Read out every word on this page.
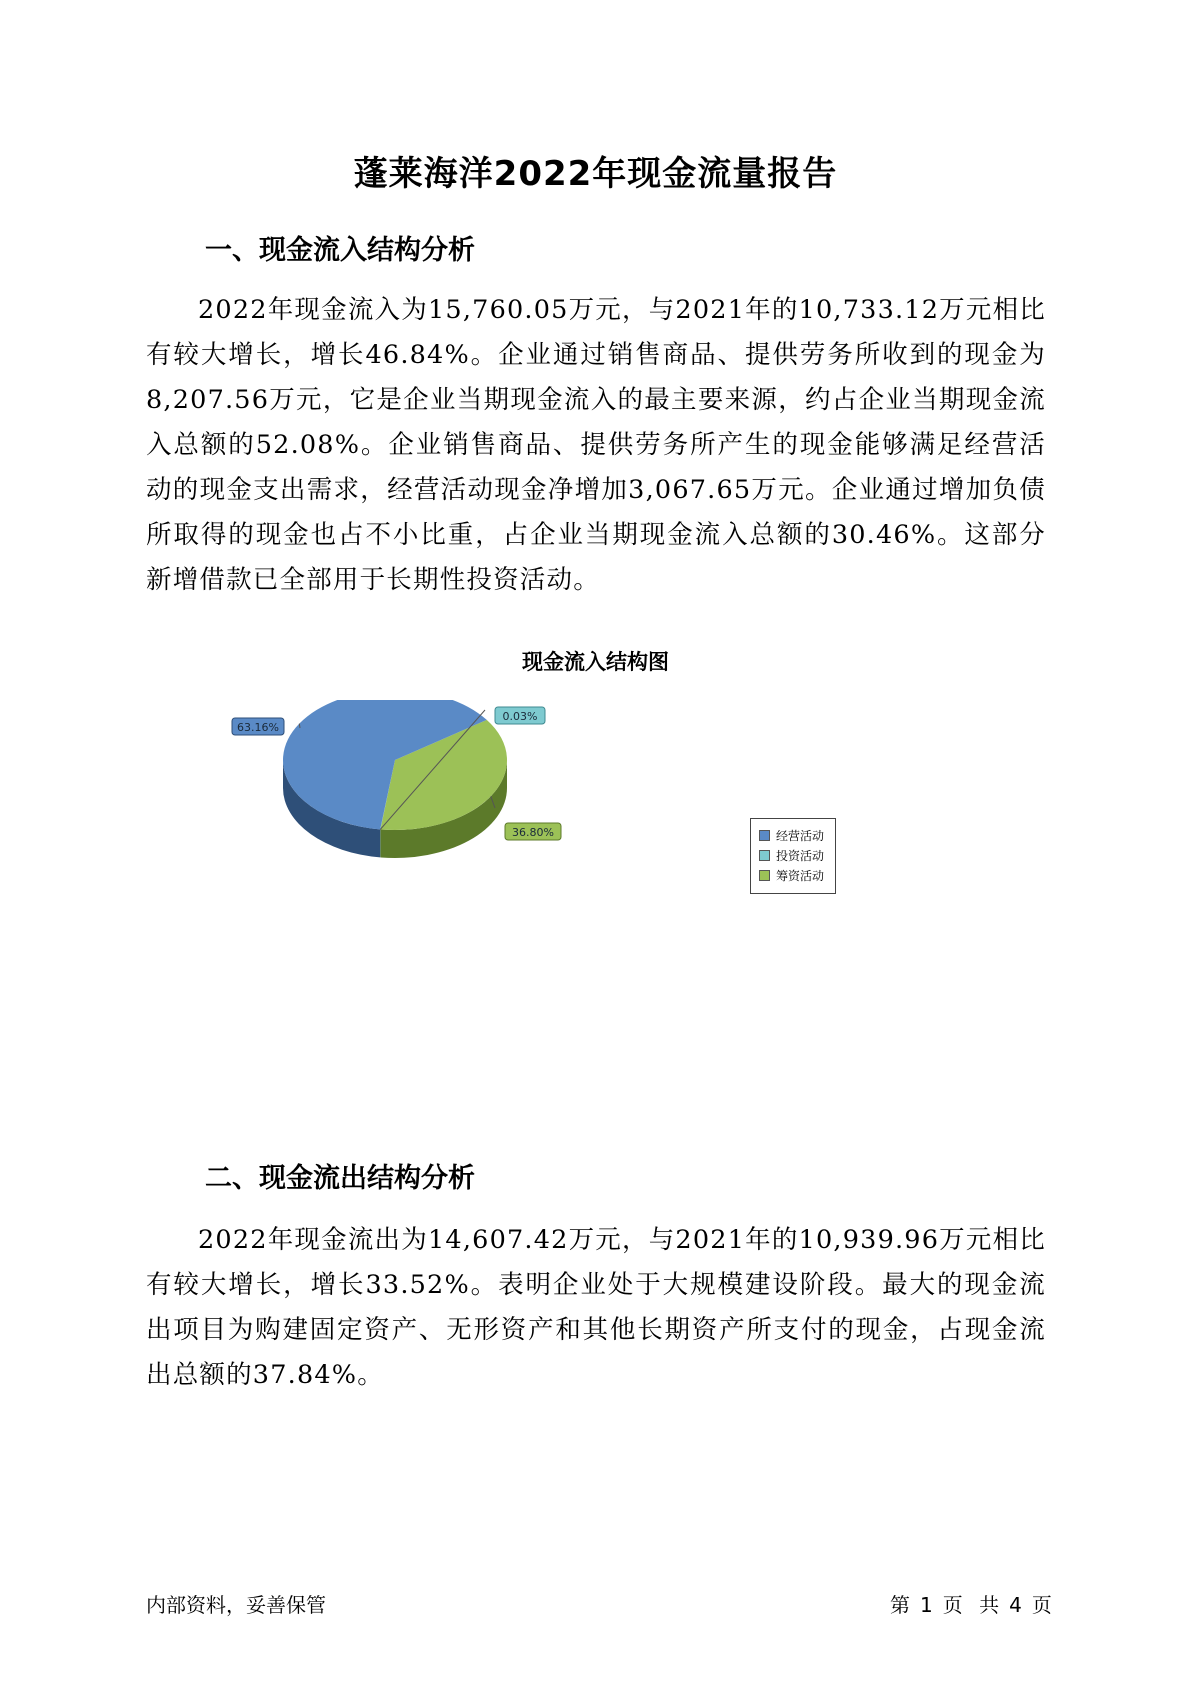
蓬莱海洋2022年现金流量报告
一、现金流入结构分析
2022年现金流入为15,760.05万元，与2021年的10,733.12万元相比有较大增长，增长46.84%。企业通过销售商品、提供劳务所收到的现金为8,207.56万元，它是企业当期现金流入的最主要来源，约占企业当期现金流入总额的52.08%。企业销售商品、提供劳务所产生的现金能够满足经营活动的现金支出需求，经营活动现金净增加3,067.65万元。企业通过增加负债所取得的现金也占不小比重，占企业当期现金流入总额的30.46%。这部分新增借款已全部用于长期性投资活动。
现金流入结构图
36.80%
0.03%
63.16%
经营活动
投资活动
筹资活动
二、现金流出结构分析
2022年现金流出为14,607.42万元，与2021年的10,939.96万元相比有较大增长，增长33.52%。表明企业处于大规模建设阶段。最大的现金流出项目为购建固定资产、无形资产和其他长期资产所支付的现金，占现金流出总额的37.84%。
内部资料，妥善保管	第 1 页 共 4 页
